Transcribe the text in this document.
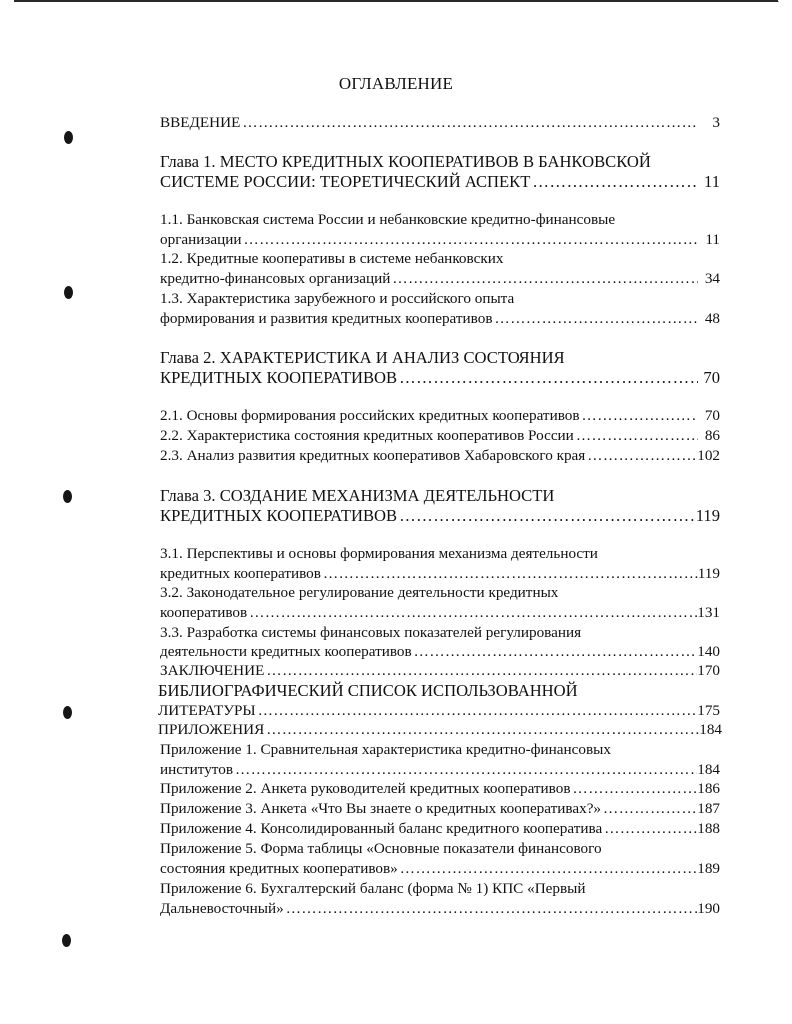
ОГЛАВЛЕНИЕ
ВВЕДЕНИЕ …………………………………………………………………………………………………………………………………………………………………………	3
Глава 1. МЕСТО КРЕДИТНЫХ КООПЕРАТИВОВ В БАНКОВСКОЙ
СИСТЕМЕ РОССИИ: ТЕОРЕТИЧЕСКИЙ АСПЕКТ …………………………………………………………………………………………………………………………………………………………………………	11
1.1. Банковская система России и небанковские кредитно-финансовые
организации …………………………………………………………………………………………………………………………………………………………………………	11
1.2. Кредитные кооперативы в системе небанковских
кредитно-финансовых организаций …………………………………………………………………………………………………………………………………………………………………………	34
1.3. Характеристика зарубежного и российского опыта
формирования и развития кредитных кооперативов …………………………………………………………………………………………………………………………………………………………………………	48
Глава 2. ХАРАКТЕРИСТИКА И АНАЛИЗ СОСТОЯНИЯ
КРЕДИТНЫХ КООПЕРАТИВОВ …………………………………………………………………………………………………………………………………………………………………………	70
2.1. Основы формирования российских кредитных кооперативов …………………………………………………………………………………………………………………………………………………………………………	70
2.2. Характеристика состояния кредитных кооперативов России …………………………………………………………………………………………………………………………………………………………………………	86
2.3. Анализ развития кредитных кооперативов Хабаровского края …………………………………………………………………………………………………………………………………………………………………………	102
Глава 3. СОЗДАНИЕ МЕХАНИЗМА ДЕЯТЕЛЬНОСТИ
КРЕДИТНЫХ КООПЕРАТИВОВ …………………………………………………………………………………………………………………………………………………………………………	119
3.1. Перспективы и основы формирования механизма деятельности
кредитных кооперативов …………………………………………………………………………………………………………………………………………………………………………	119
3.2. Законодательное регулирование деятельности кредитных
кооперативов …………………………………………………………………………………………………………………………………………………………………………	131
3.3. Разработка системы финансовых показателей регулирования
деятельности кредитных кооперативов …………………………………………………………………………………………………………………………………………………………………………	140
ЗАКЛЮЧЕНИЕ …………………………………………………………………………………………………………………………………………………………………………	170
БИБЛИОГРАФИЧЕСКИЙ СПИСОК ИСПОЛЬЗОВАННОЙ
ЛИТЕРАТУРЫ …………………………………………………………………………………………………………………………………………………………………………	175
ПРИЛОЖЕНИЯ …………………………………………………………………………………………………………………………………………………………………………	184
Приложение 1. Сравнительная характеристика кредитно-финансовых
институтов …………………………………………………………………………………………………………………………………………………………………………	184
Приложение 2. Анкета руководителей кредитных кооперативов …………………………………………………………………………………………………………………………………………………………………………	186
Приложение 3. Анкета «Что Вы знаете о кредитных кооперативах?» …………………………………………………………………………………………………………………………………………………………………………	187
Приложение 4. Консолидированный баланс кредитного кооператива …………………………………………………………………………………………………………………………………………………………………………	188
Приложение 5. Форма таблицы «Основные показатели финансового
состояния кредитных кооперативов» …………………………………………………………………………………………………………………………………………………………………………	189
Приложение 6. Бухгалтерский баланс (форма № 1) КПС «Первый
Дальневосточный» …………………………………………………………………………………………………………………………………………………………………………	190
